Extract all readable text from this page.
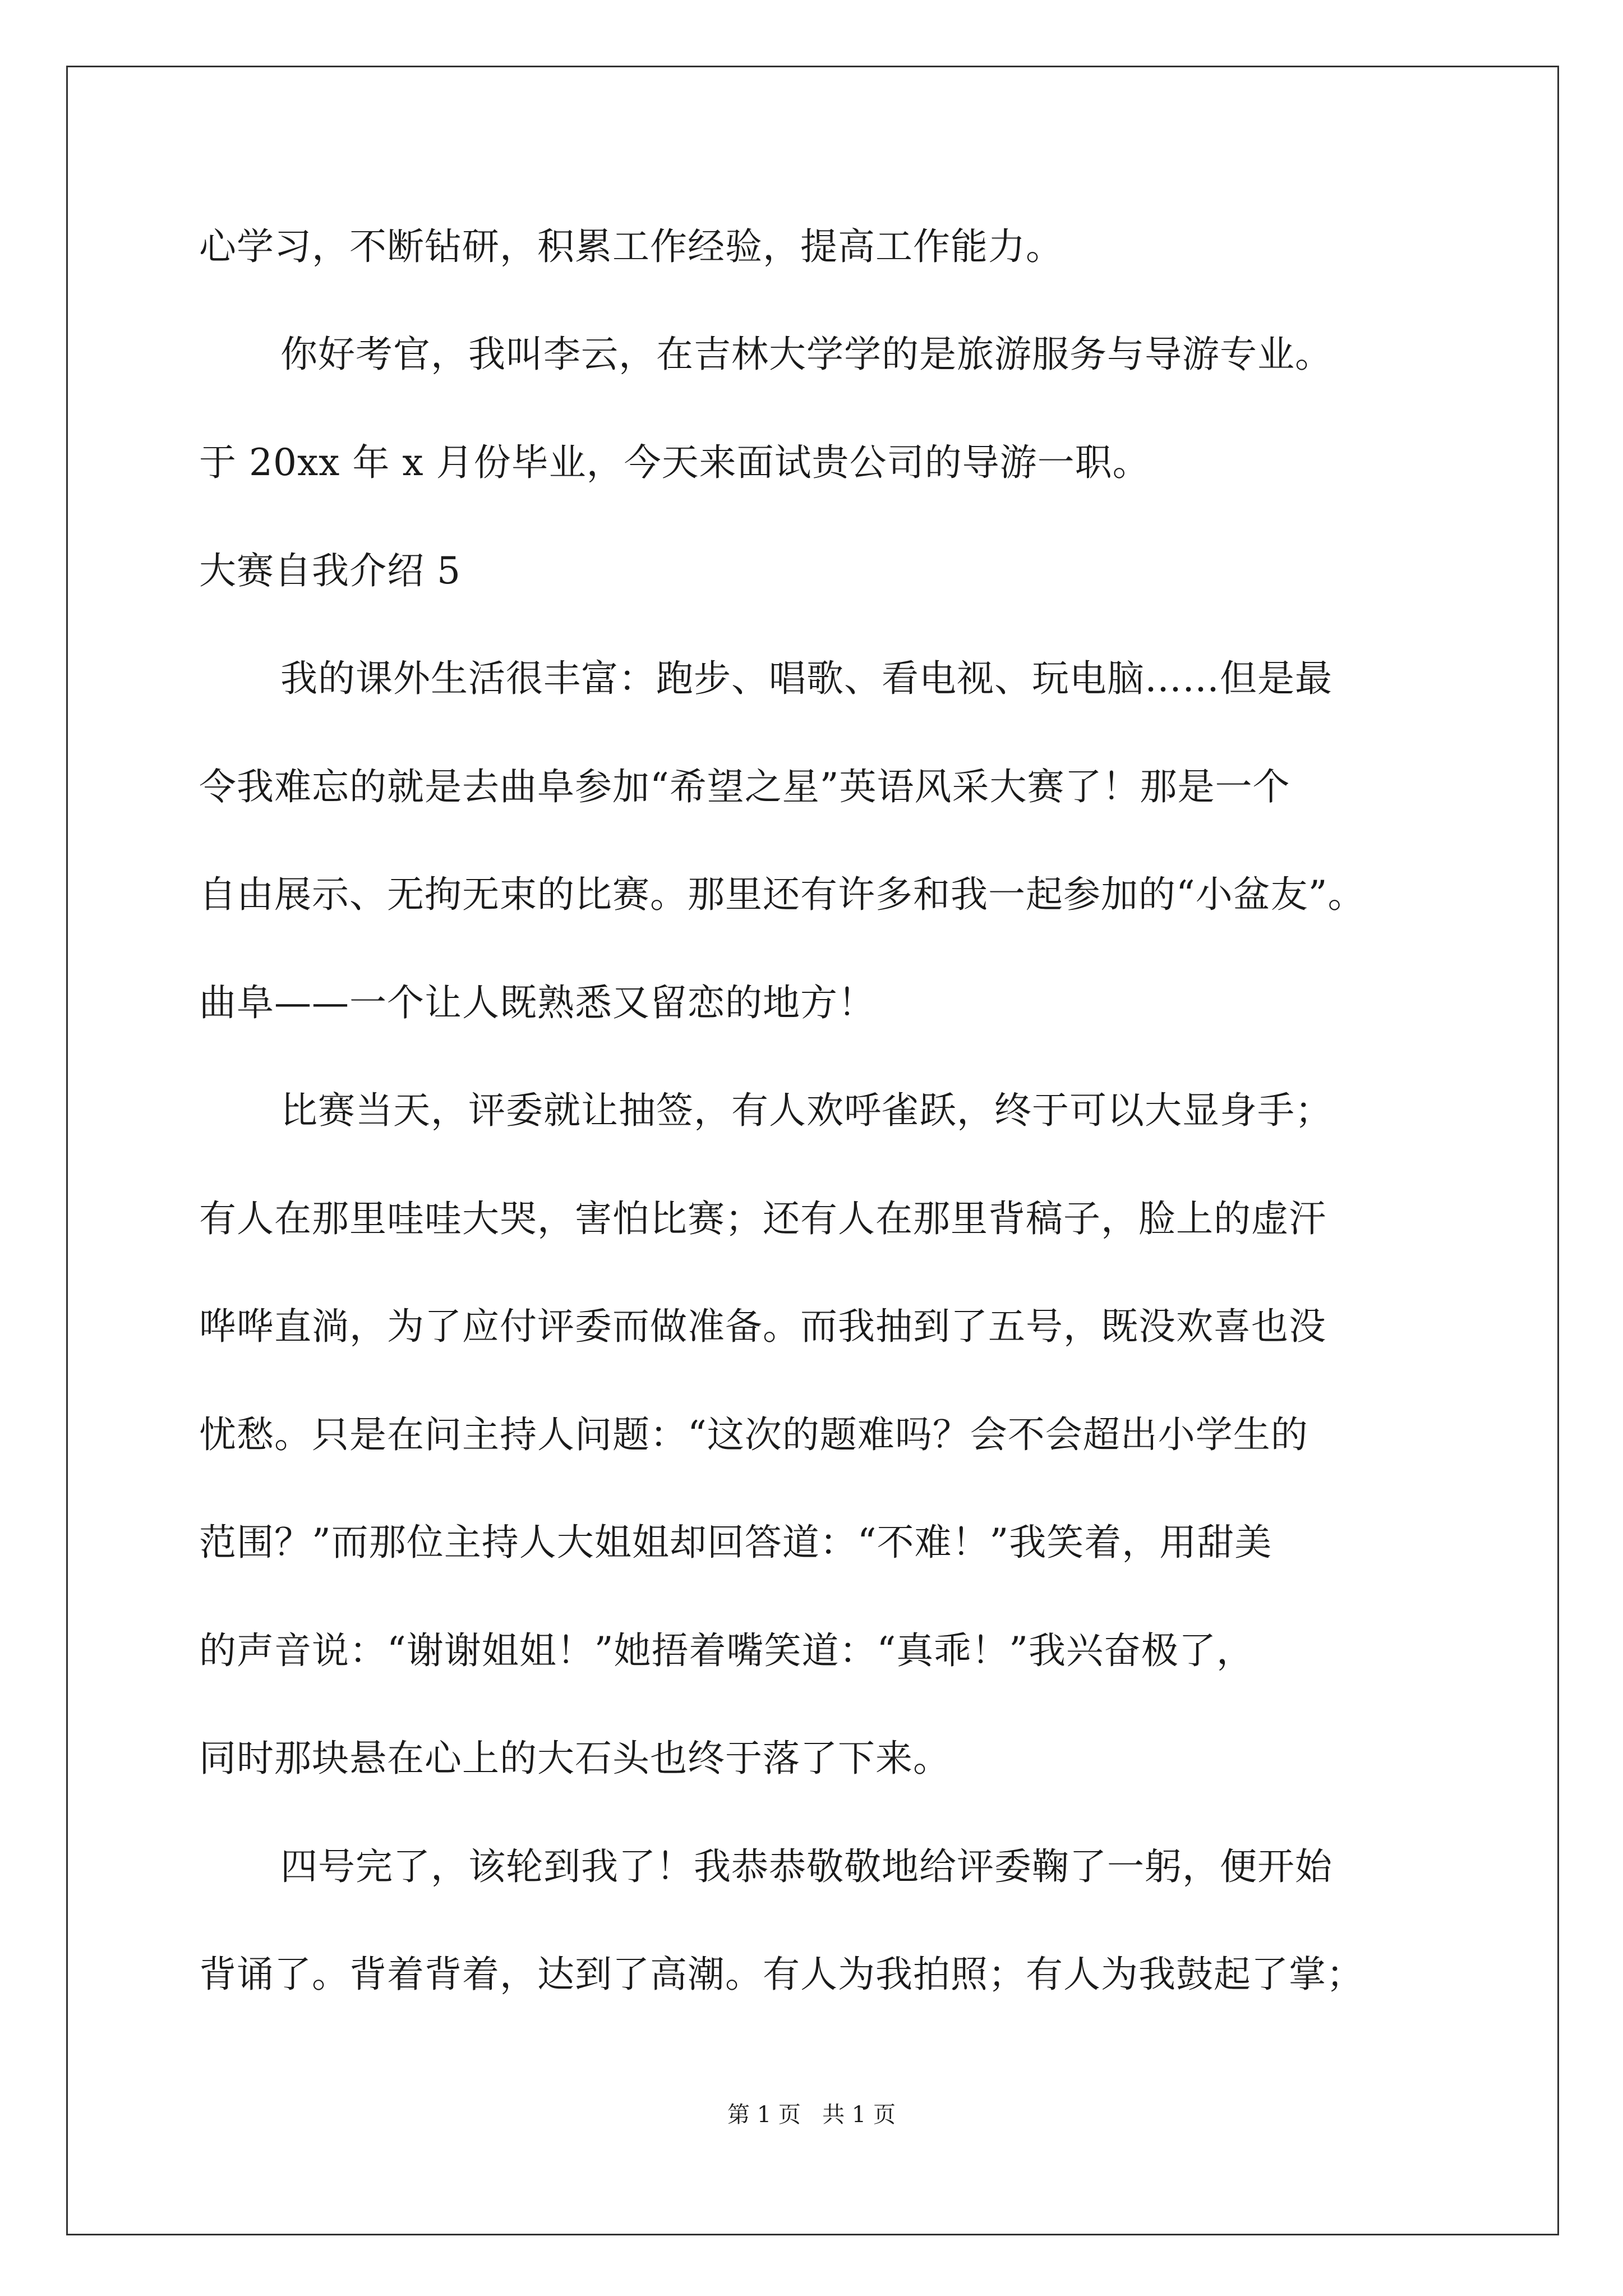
心学习，不断钻研，积累工作经验，提高工作能力。
你好考官，我叫李云，在吉林大学学的是旅游服务与导游专业。
于 20xx 年 x 月份毕业，今天来面试贵公司的导游一职。
大赛自我介绍 5
我的课外生活很丰富：跑步、唱歌、看电视、玩电脑……但是最
令我难忘的就是去曲阜参加“希望之星”英语风采大赛了！那是一个
自由展示、无拘无束的比赛。那里还有许多和我一起参加的“小盆友”。
曲阜——一个让人既熟悉又留恋的地方！
比赛当天，评委就让抽签，有人欢呼雀跃，终于可以大显身手；
有人在那里哇哇大哭，害怕比赛；还有人在那里背稿子，脸上的虚汗
哗哗直淌，为了应付评委而做准备。而我抽到了五号，既没欢喜也没
忧愁。只是在问主持人问题：“这次的题难吗？会不会超出小学生的
范围？”而那位主持人大姐姐却回答道：“不难！”我笑着，用甜美
的声音说：“谢谢姐姐！”她捂着嘴笑道：“真乖！”我兴奋极了，
同时那块悬在心上的大石头也终于落了下来。
四号完了，该轮到我了！我恭恭敬敬地给评委鞠了一躬，便开始
背诵了。背着背着，达到了高潮。有人为我拍照；有人为我鼓起了掌；
第 1 页   共 1 页
